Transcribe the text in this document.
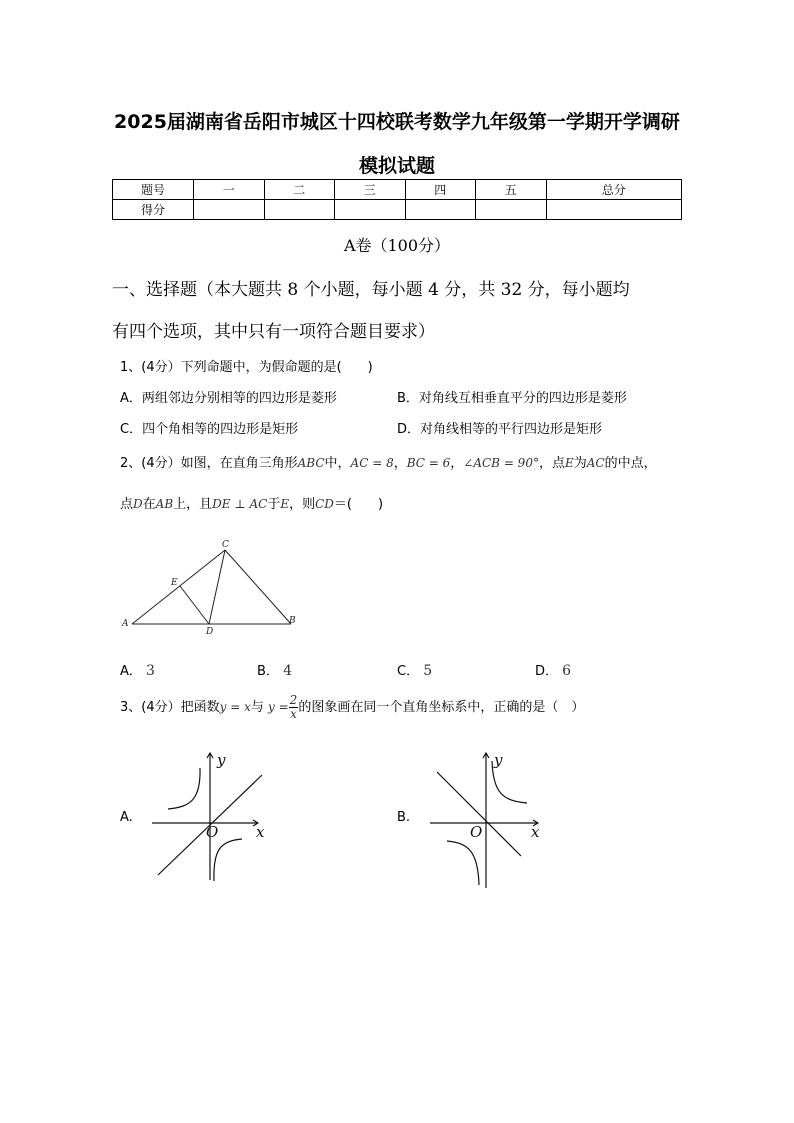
2025届湖南省岳阳市城区十四校联考数学九年级第一学期开学调研
模拟试题
题号	一	二	三	四	五	总分
得分						
A卷（100分）
一、选择题（本大题共 8 个小题，每小题 4 分，共 32 分，每小题均
有四个选项，其中只有一项符合题目要求）
1、(4分）下列命题中，为假命题的是(　　)
A．两组邻边分别相等的四边形是菱形	B．对角线互相垂直平分的四边形是菱形
C．四个角相等的四边形是矩形	D．对角线相等的平行四边形是矩形
2、(4分）如图，在直角三角形ABC中，AC = 8，BC = 6，∠ACB = 90°，点E为AC的中点，
点D在AB上，且DE ⊥ AC于E，则CD＝(　　)
A	B
C
D
E
A． 3	B． 4	C． 5	D． 6
3、(4分）把函数y = x与 $y = \frac{2}{x}$ 的图象画在同一个直角坐标系中，正确的是（　）
A.
y
x
O
B.
y
x
O
